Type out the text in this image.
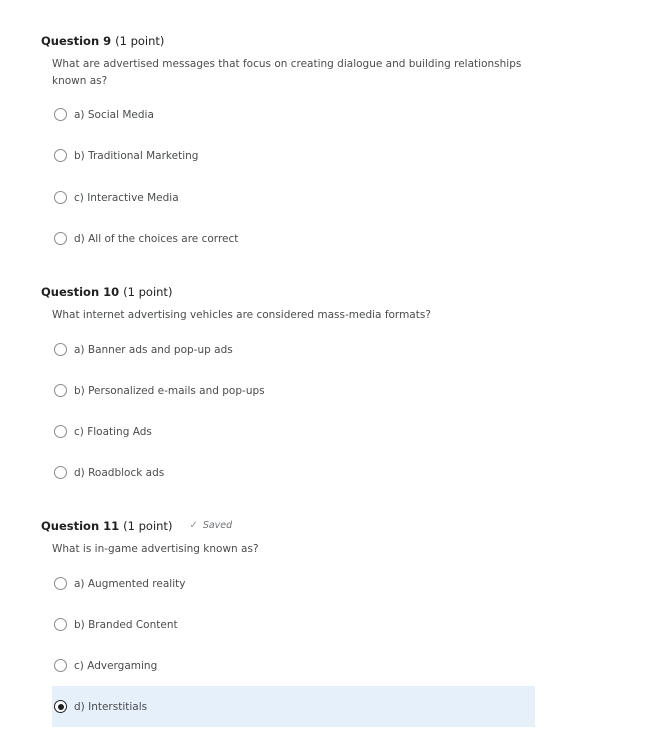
Question 9 (1 point)
What are advertised messages that focus on creating dialogue and building relationships known as?
a) Social Media
b) Traditional Marketing
c) Interactive Media
d) All of the choices are correct
Question 10 (1 point)
What internet advertising vehicles are considered mass-media formats?
a) Banner ads and pop-up ads
b) Personalized e-mails and pop-ups
c) Floating Ads
d) Roadblock ads
Question 11 (1 point) ✓ Saved
What is in-game advertising known as?
a) Augmented reality
b) Branded Content
c) Advergaming
d) Interstitials
